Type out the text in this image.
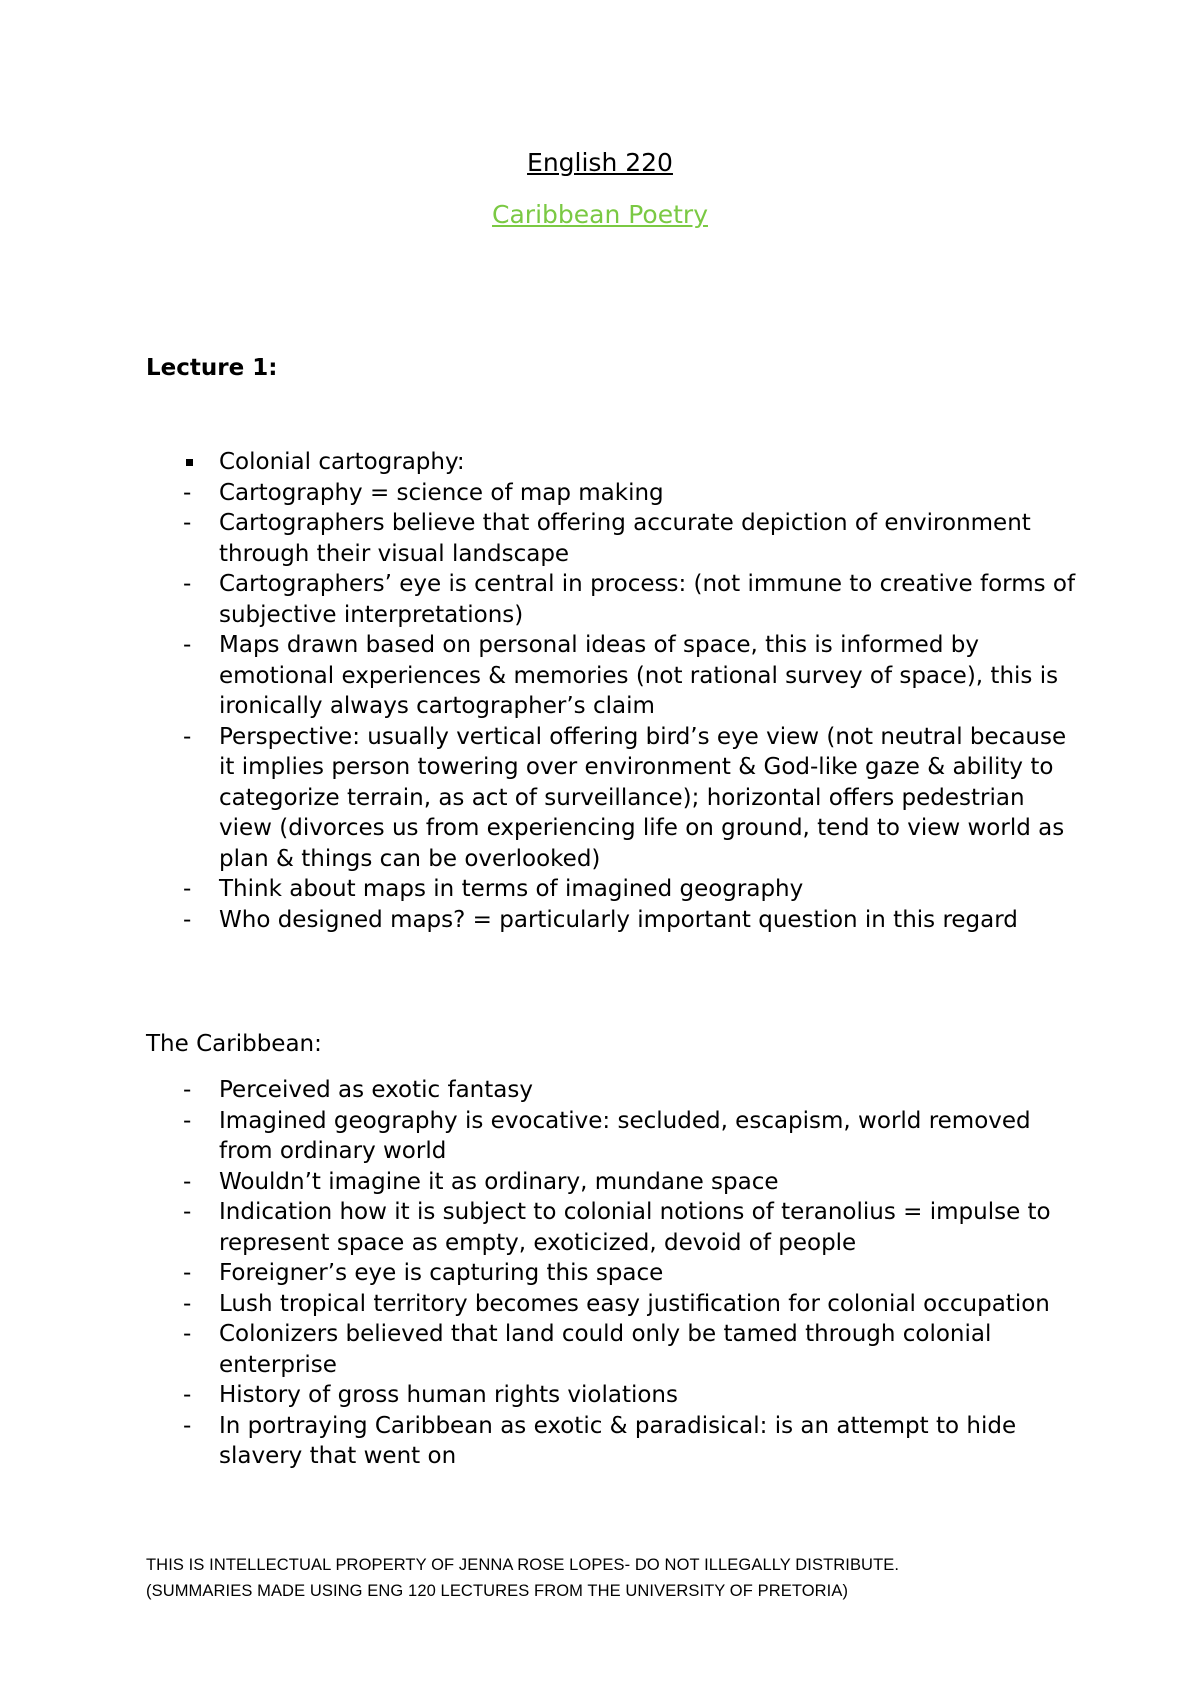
English 220
Caribbean Poetry
Lecture 1:
Colonial cartography:
- Cartography = science of map making
- Cartographers believe that offering accurate depiction of environment through their visual landscape
- Cartographers’ eye is central in process: (not immune to creative forms of subjective interpretations)
- Maps drawn based on personal ideas of space, this is informed by emotional experiences & memories (not rational survey of space), this is ironically always cartographer’s claim
- Perspective: usually vertical offering bird’s eye view (not neutral because it implies person towering over environment & God-like gaze & ability to categorize terrain, as act of surveillance); horizontal offers pedestrian view (divorces us from experiencing life on ground, tend to view world as plan & things can be overlooked)
- Think about maps in terms of imagined geography
- Who designed maps? = particularly important question in this regard
The Caribbean:
- Perceived as exotic fantasy
- Imagined geography is evocative: secluded, escapism, world removed from ordinary world
- Wouldn’t imagine it as ordinary, mundane space
- Indication how it is subject to colonial notions of teranolius = impulse to represent space as empty, exoticized, devoid of people
- Foreigner’s eye is capturing this space
- Lush tropical territory becomes easy justification for colonial occupation
- Colonizers believed that land could only be tamed through colonial enterprise
- History of gross human rights violations
- In portraying Caribbean as exotic & paradisical: is an attempt to hide slavery that went on
THIS IS INTELLECTUAL PROPERTY OF JENNA ROSE LOPES- DO NOT ILLEGALLY DISTRIBUTE.
(SUMMARIES MADE USING ENG 120 LECTURES FROM THE UNIVERSITY OF PRETORIA)
